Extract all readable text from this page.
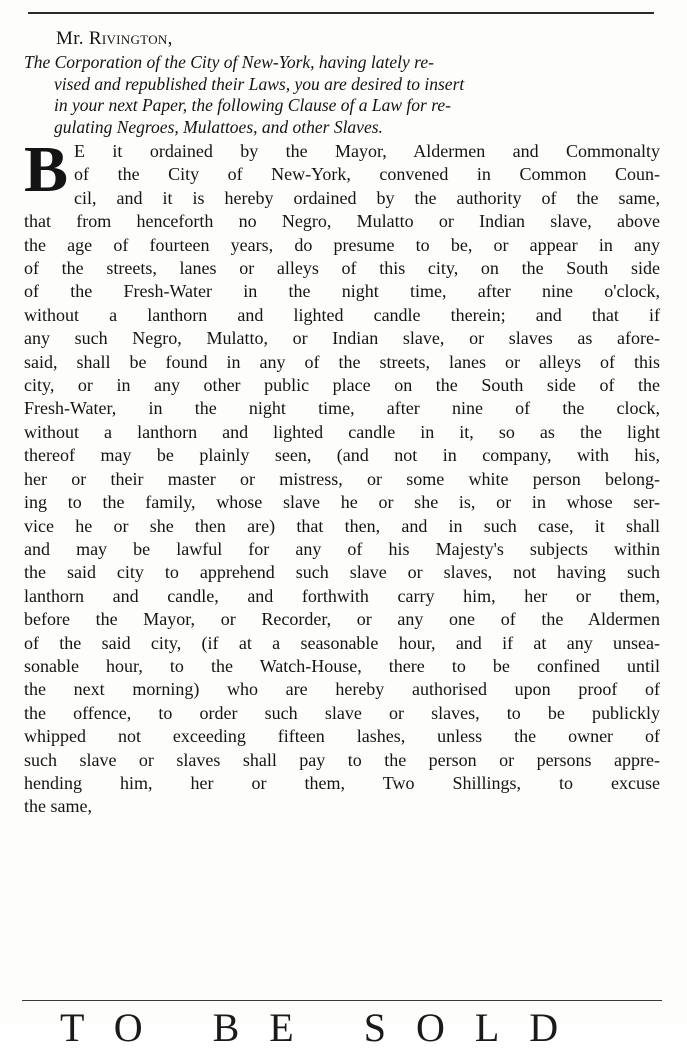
Mr. Rivington,
The Corporation of the City of New-York, having lately re-
vised and republished their Laws, you are desired to insert
in your next Paper, the following Clause of a Law for re-
gulating Negroes, Mulattoes, and other Slaves.
B E it ordained by the Mayor, Aldermen and Commonalty
of the City of New-York, convened in Common Coun-
cil, and it is hereby ordained by the authority of the same,
that from henceforth no Negro, Mulatto or Indian slave, above
the age of fourteen years, do presume to be, or appear in any
of the streets, lanes or alleys of this city, on the South side
of the Fresh-Water in the night time, after nine o'clock,
without a lanthorn and lighted candle therein; and that if
any such Negro, Mulatto, or Indian slave, or slaves as afore-
said, shall be found in any of the streets, lanes or alleys of this
city, or in any other public place on the South side of the
Fresh-Water, in the night time, after nine of the clock,
without a lanthorn and lighted candle in it, so as the light
thereof may be plainly seen, (and not in company, with his,
her or their master or mistress, or some white person belong-
ing to the family, whose slave he or she is, or in whose ser-
vice he or she then are) that then, and in such case, it shall
and may be lawful for any of his Majesty's subjects within
the said city to apprehend such slave or slaves, not having such
lanthorn and candle, and forthwith carry him, her or them,
before the Mayor, or Recorder, or any one of the Aldermen
of the said city, (if at a seasonable hour, and if at any unsea-
sonable hour, to the Watch-House, there to be confined until
the next morning) who are hereby authorised upon proof of
the offence, to order such slave or slaves, to be publickly
whipped not exceeding fifteen lashes, unless the owner of
such slave or slaves shall pay to the person or persons appre-
hending him, her or them, Two Shillings, to excuse
the same,
TO BE SOLD
